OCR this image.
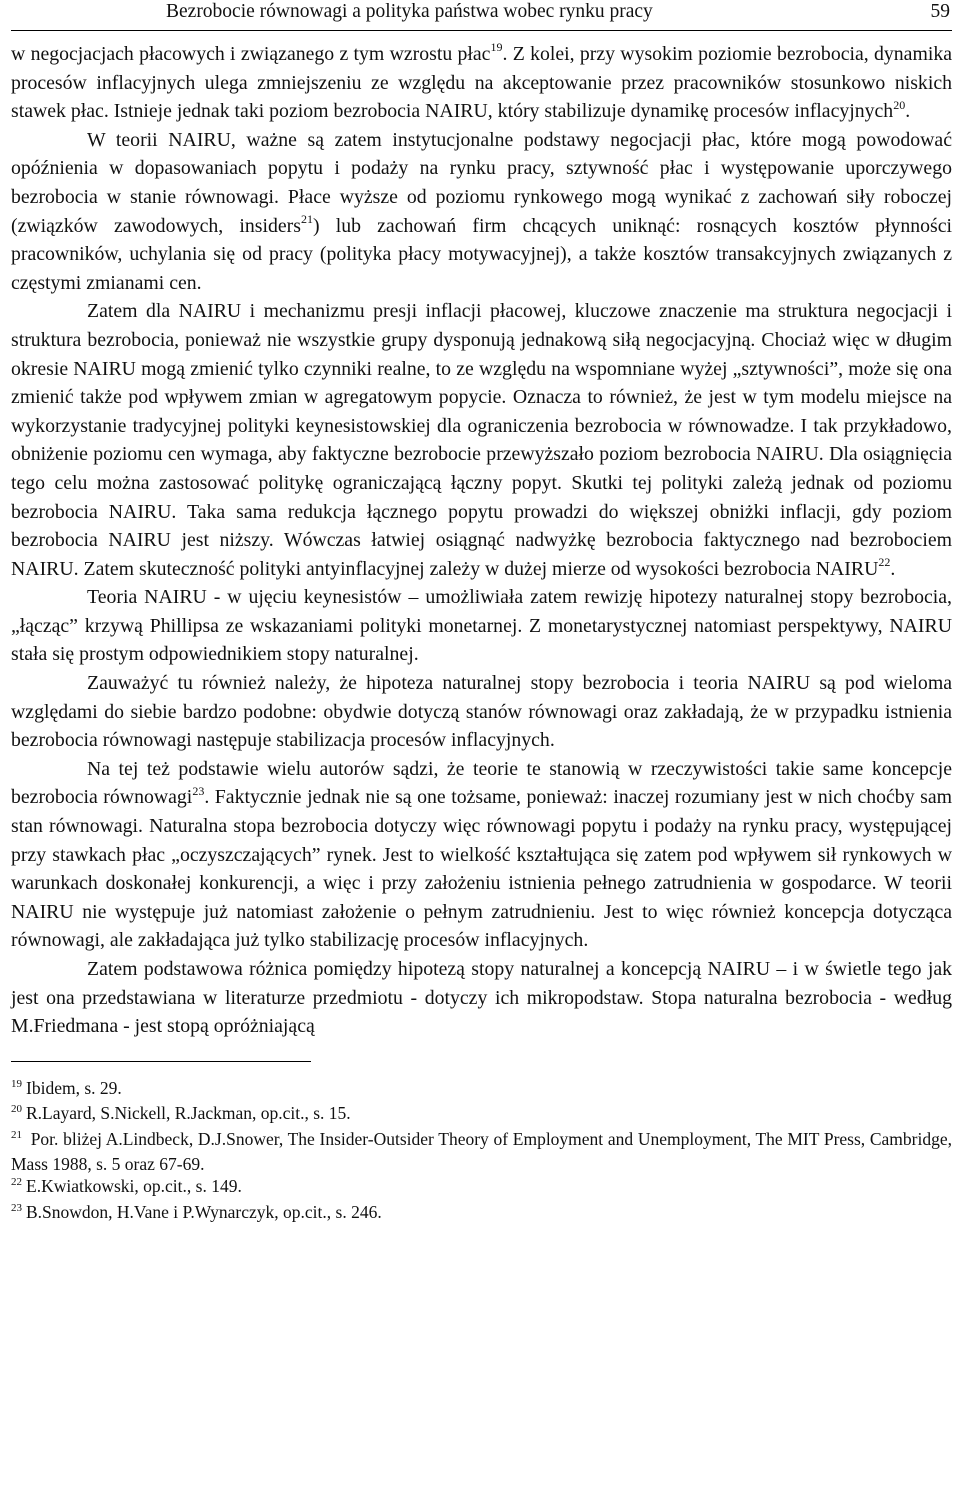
Bezrobocie równowagi a polityka państwa wobec rynku pracy	59

w negocjacjach płacowych i związanego z tym wzrostu płac$^{19}$. Z kolei, przy wysokim poziomie bezrobocia, dynamika procesów inflacyjnych ulega zmniejszeniu ze względu na akceptowanie przez pracowników stosunkowo niskich stawek płac. Istnieje jednak taki poziom bezrobocia NAIRU, który stabilizuje dynamikę procesów inflacyjnych$^{20}$.

W teorii NAIRU, ważne są zatem instytucjonalne podstawy negocjacji płac, które mogą powodować opóźnienia w dopasowaniach popytu i podaży na rynku pracy, sztywność płac i występowanie uporczywego bezrobocia w stanie równowagi. Płace wyższe od poziomu rynkowego mogą wynikać z zachowań siły roboczej (związków zawodowych, insiders$^{21}$) lub zachowań firm chcących uniknąć: rosnących kosztów płynności pracowników, uchylania się od pracy (polityka płacy motywacyjnej), a także kosztów transakcyjnych związanych z częstymi zmianami cen.

Zatem dla NAIRU i mechanizmu presji inflacji płacowej, kluczowe znaczenie ma struktura negocjacji i struktura bezrobocia, ponieważ nie wszystkie grupy dysponują jednakową siłą negocjacyjną. Chociaż więc w długim okresie NAIRU mogą zmienić tylko czynniki realne, to ze względu na wspomniane wyżej „sztywności”, może się ona zmienić także pod wpływem zmian w agregatowym popycie. Oznacza to również, że jest w tym modelu miejsce na wykorzystanie tradycyjnej polityki keynesistowskiej dla ograniczenia bezrobocia w równowadze. I tak przykładowo, obniżenie poziomu cen wymaga, aby faktyczne bezrobocie przewyższało poziom bezrobocia NAIRU. Dla osiągnięcia tego celu można zastosować politykę ograniczającą łączny popyt. Skutki tej polityki zależą jednak od poziomu bezrobocia NAIRU. Taka sama redukcja łącznego popytu prowadzi do większej obniżki inflacji, gdy poziom bezrobocia NAIRU jest niższy. Wówczas łatwiej osiągnąć nadwyżkę bezrobocia faktycznego nad bezrobociem NAIRU. Zatem skuteczność polityki antyinflacyjnej zależy w dużej mierze od wysokości bezrobocia NAIRU$^{22}$.

Teoria NAIRU - w ujęciu keynesistów – umożliwiała zatem rewizję hipotezy naturalnej stopy bezrobocia, „łącząc” krzywą Phillipsa ze wskazaniami polityki monetarnej. Z monetarystycznej natomiast perspektywy, NAIRU stała się prostym odpowiednikiem stopy naturalnej.

Zauważyć tu również należy, że hipoteza naturalnej stopy bezrobocia i teoria NAIRU są pod wieloma względami do siebie bardzo podobne: obydwie dotyczą stanów równowagi oraz zakładają, że w przypadku istnienia bezrobocia równowagi następuje stabilizacja procesów inflacyjnych.

Na tej też podstawie wielu autorów sądzi, że teorie te stanowią w rzeczywistości takie same koncepcje bezrobocia równowagi$^{23}$. Faktycznie jednak nie są one tożsame, ponieważ: inaczej rozumiany jest w nich choćby sam stan równowagi. Naturalna stopa bezrobocia dotyczy więc równowagi popytu i podaży na rynku pracy, występującej przy stawkach płac „oczyszczających” rynek. Jest to wielkość kształtująca się zatem pod wpływem sił rynkowych w warunkach doskonałej konkurencji, a więc i przy założeniu istnienia pełnego zatrudnienia w gospodarce. W teorii NAIRU nie występuje już natomiast założenie o pełnym zatrudnieniu. Jest to więc również koncepcja dotycząca równowagi, ale zakładająca już tylko stabilizację procesów inflacyjnych.

Zatem podstawowa różnica pomiędzy hipotezą stopy naturalnej a koncepcją NAIRU – i w świetle tego jak jest ona przedstawiana w literaturze przedmiotu - dotyczy ich mikropodstaw. Stopa naturalna bezrobocia - według M.Friedmana - jest stopą opróżniającą

$^{19}$ Ibidem, s. 29.
$^{20}$ R.Layard, S.Nickell, R.Jackman, op.cit., s. 15.
$^{21}$ Por. bliżej A.Lindbeck, D.J.Snower, The Insider-Outsider Theory of Employment and Unemployment, The MIT Press, Cambridge, Mass 1988, s. 5 oraz 67-69.
$^{22}$ E.Kwiatkowski, op.cit., s. 149.
$^{23}$ B.Snowdon, H.Vane i P.Wynarczyk, op.cit., s. 246.
